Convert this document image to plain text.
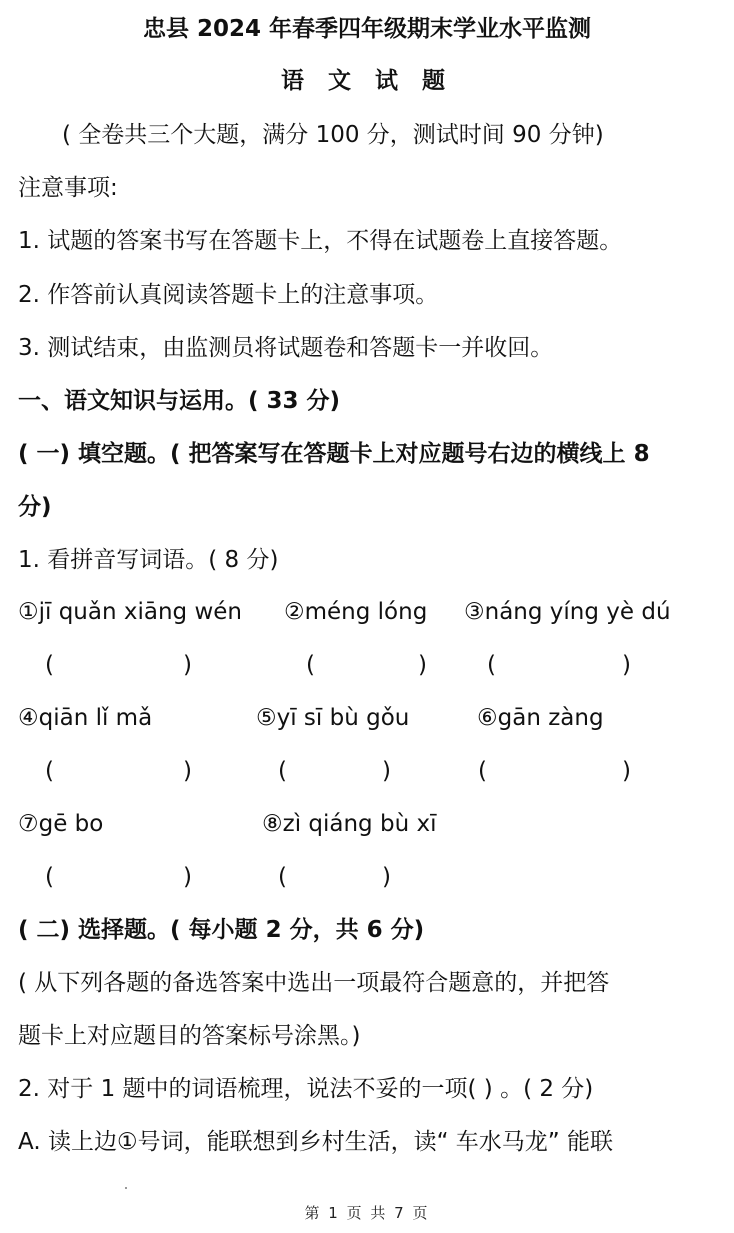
忠县 2024 年春季四年级期末学业水平监测
语 文 试 题
( 全卷共三个大题，满分 100 分，测试时间 90 分钟)
注意事项:
1. 试题的答案书写在答题卡上，不得在试题卷上直接答题。
2. 作答前认真阅读答题卡上的注意事项。
3. 测试结束，由监测员将试题卷和答题卡一并收回。
一、语文知识与运用。( 33 分)
( 一) 填空题。( 把答案写在答题卡上对应题号右边的横线上 8
分)
1. 看拼音写词语。( 8 分)
①jī quǎn xiāng wén ②méng lóng ③náng yíng yè dú
(	)	(	)	(	)
④qiān lǐ mǎ	⑤yī sī bù gǒu	⑥gān zàng
(	)	(	)	(	)
⑦gē bo	⑧zì qiáng bù xī
(	)	(	)
( 二) 选择题。( 每小题 2 分，共 6 分)
( 从下列各题的备选答案中选出一项最符合题意的，并把答
题卡上对应题目的答案标号涂黑。)
2. 对于 1 题中的词语梳理，说法不妥的一项( ) 。( 2 分)
A. 读上边①号词，能联想到乡村生活，读“ 车水马龙” 能联
第 1 页 共 7 页
